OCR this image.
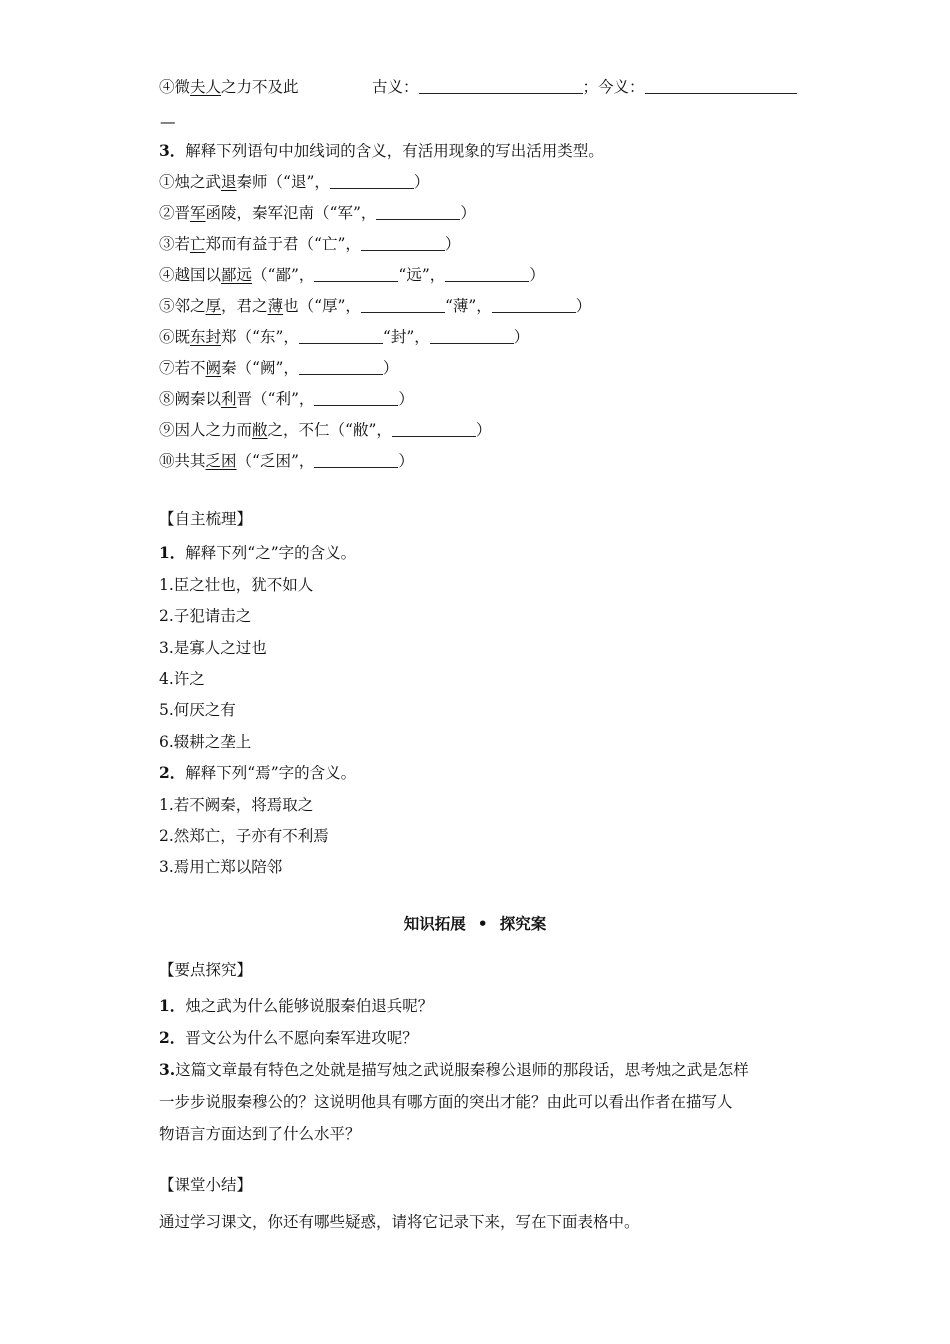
④微夫人之力不及此	古义：	；今义：
—
3．解释下列语句中加线词的含义，有活用现象的写出活用类型。
①烛之武退秦师（“退”，	）
②晋军函陵，秦军氾南（“军”，	）
③若亡郑而有益于君（“亡”，	）
④越国以鄙远（“鄙”，	“远”，	）
⑤邻之厚，君之薄也（“厚”，	“薄”，	）
⑥既东封郑（“东”，	“封”，	）
⑦若不阙秦（“阙”，	）
⑧阙秦以利晋（“利”，	）
⑨因人之力而敝之，不仁（“敝”，	）
⑩共其乏困（“乏困”，	）
【自主梳理】
1．解释下列“之”字的含义。
1.臣之壮也，犹不如人
2.子犯请击之
3.是寡人之过也
4.许之
5.何厌之有
6.辍耕之垄上
2．解释下列“焉”字的含义。
1.若不阙秦，将焉取之
2.然郑亡，子亦有不利焉
3.焉用亡郑以陪邻
知识拓展 • 探究案
【要点探究】
1．烛之武为什么能够说服秦伯退兵呢？
2．晋文公为什么不愿向秦军进攻呢？
3.这篇文章最有特色之处就是描写烛之武说服秦穆公退师的那段话，思考烛之武是怎样
一步步说服秦穆公的？这说明他具有哪方面的突出才能？由此可以看出作者在描写人
物语言方面达到了什么水平？
【课堂小结】
通过学习课文，你还有哪些疑惑，请将它记录下来，写在下面表格中。
